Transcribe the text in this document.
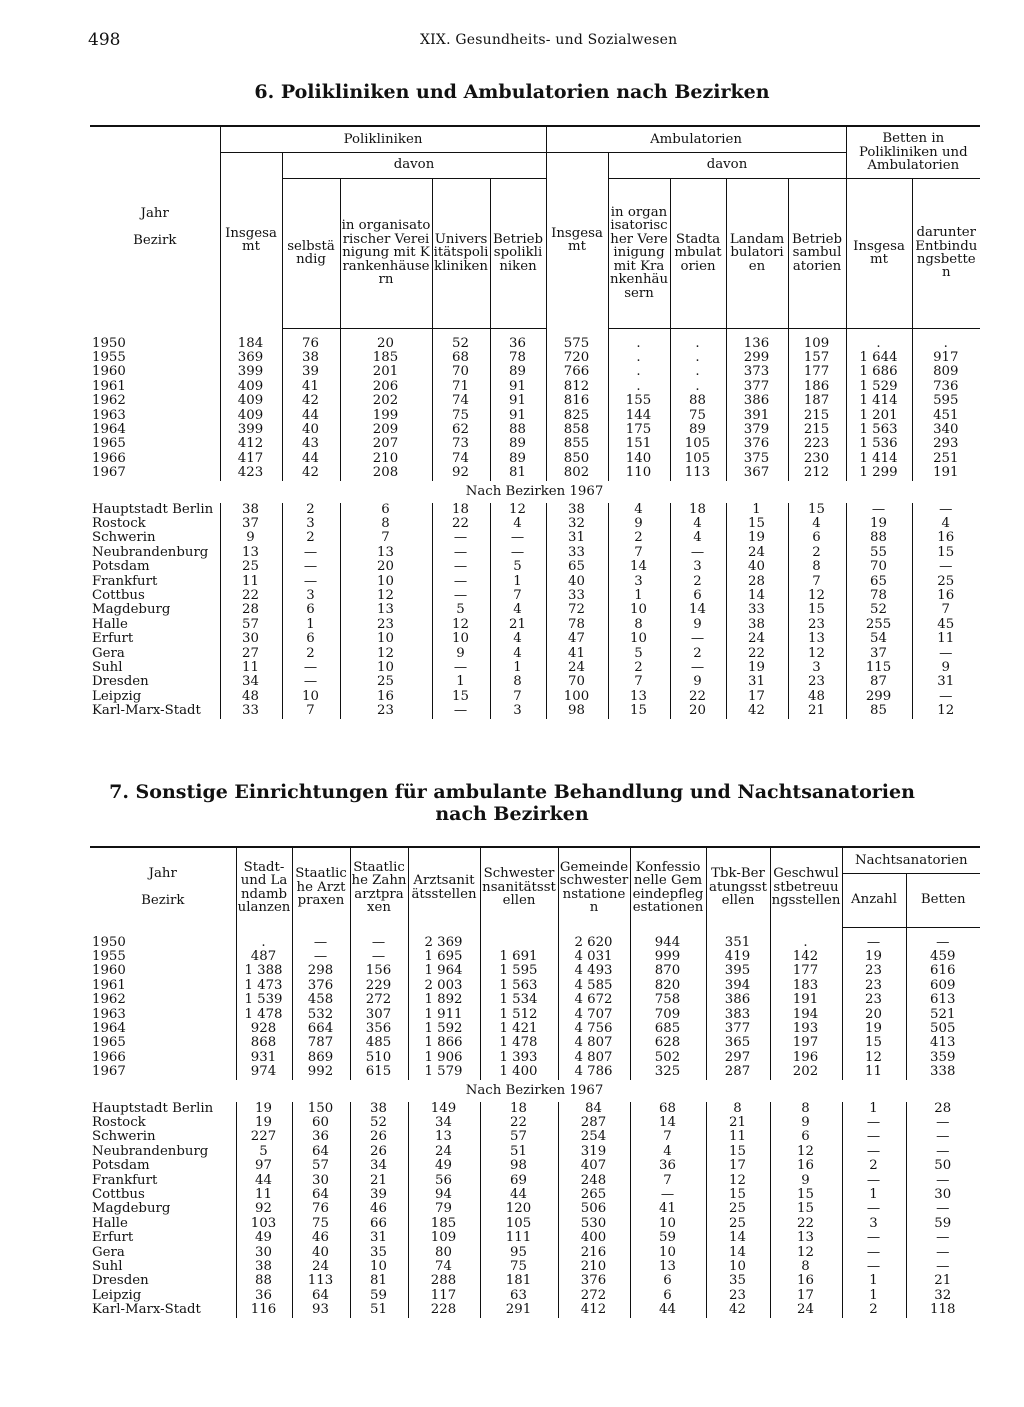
498	XIX. Gesundheits- und Sozialwesen
6. Polikliniken und Ambulatorien nach Bezirken
Jahr

Bezirk	Polikliniken					Ambulatorien					Betten in Polikliniken und Ambulatorien	
	Insgesamt	davon				Insgesamt	davon					
		selbständig	in organisatorischer Vereinigung mit Krankenhäusern	Universitätspolikliniken	Betriebspolikliniken		in organisatorischer Vereinigung mit Krankenhäusern	Stadtambulatorien	Landambulatorien	Betriebsambulatorien	Insgesamt	darunter Entbindungsbetten

1950	184	76	20	52	36	575	.	.	136	109	.	.
1955	369	38	185	68	78	720	.	.	299	157	1 644	917
1960	399	39	201	70	89	766	.	.	373	177	1 686	809
1961	409	41	206	71	91	812	.	.	377	186	1 529	736
1962	409	42	202	74	91	816	155	88	386	187	1 414	595
1963	409	44	199	75	91	825	144	75	391	215	1 201	451
1964	399	40	209	62	88	858	175	89	379	215	1 563	340
1965	412	43	207	73	89	855	151	105	376	223	1 536	293
1966	417	44	210	74	89	850	140	105	375	230	1 414	251
1967	423	42	208	92	81	802	110	113	367	212	1 299	191
Nach Bezirken 1967												
Hauptstadt Berlin	38	2	6	18	12	38	4	18	1	15	—	—
Rostock	37	3	8	22	4	32	9	4	15	4	19	4
Schwerin	9	2	7	—	—	31	2	4	19	6	88	16
Neubrandenburg	13	—	13	—	—	33	7	—	24	2	55	15
Potsdam	25	—	20	—	5	65	14	3	40	8	70	—
Frankfurt	11	—	10	—	1	40	3	2	28	7	65	25
Cottbus	22	3	12	—	7	33	1	6	14	12	78	16
Magdeburg	28	6	13	5	4	72	10	14	33	15	52	7
Halle	57	1	23	12	21	78	8	9	38	23	255	45
Erfurt	30	6	10	10	4	47	10	—	24	13	54	11
Gera	27	2	12	9	4	41	5	2	22	12	37	—
Suhl	11	—	10	—	1	24	2	—	19	3	115	9
Dresden	34	—	25	1	8	70	7	9	31	23	87	31
Leipzig	48	10	16	15	7	100	13	22	17	48	299	—
Karl-Marx-Stadt	33	7	23	—	3	98	15	20	42	21	85	12
7. Sonstige Einrichtungen für ambulante Behandlung und Nachtsanatorien
nach Bezirken
Jahr

Bezirk	Stadt- und Landambulanzen	Staatliche Arztpraxen	Staatliche Zahnarztpraxen	Arztsanitätsstellen	Schwesternsanitätsstellen	Gemeindeschwesternstationen	Konfessionelle Gemeindepflegestationen	Tbk-Beratungsstellen	Geschwulstbetreuungsstellen	Nachtsanatorien	
										Anzahl	Betten

1950	.	—	—	2 369		2 620	944	351	.	—	—
1955	487	—	—	1 695	1 691	4 031	999	419	142	19	459
1960	1 388	298	156	1 964	1 595	4 493	870	395	177	23	616
1961	1 473	376	229	2 003	1 563	4 585	820	394	183	23	609
1962	1 539	458	272	1 892	1 534	4 672	758	386	191	23	613
1963	1 478	532	307	1 911	1 512	4 707	709	383	194	20	521
1964	928	664	356	1 592	1 421	4 756	685	377	193	19	505
1965	868	787	485	1 866	1 478	4 807	628	365	197	15	413
1966	931	869	510	1 906	1 393	4 807	502	297	196	12	359
1967	974	992	615	1 579	1 400	4 786	325	287	202	11	338
Nach Bezirken 1967											
Hauptstadt Berlin	19	150	38	149	18	84	68	8	8	1	28
Rostock	19	60	52	34	22	287	14	21	9	—	—
Schwerin	227	36	26	13	57	254	7	11	6	—	—
Neubrandenburg	5	64	26	24	51	319	4	15	12	—	—
Potsdam	97	57	34	49	98	407	36	17	16	2	50
Frankfurt	44	30	21	56	69	248	7	12	9	—	—
Cottbus	11	64	39	94	44	265	—	15	15	1	30
Magdeburg	92	76	46	79	120	506	41	25	15	—	—
Halle	103	75	66	185	105	530	10	25	22	3	59
Erfurt	49	46	31	109	111	400	59	14	13	—	—
Gera	30	40	35	80	95	216	10	14	12	—	—
Suhl	38	24	10	74	75	210	13	10	8	—	—
Dresden	88	113	81	288	181	376	6	35	16	1	21
Leipzig	36	64	59	117	63	272	6	23	17	1	32
Karl-Marx-Stadt	116	93	51	228	291	412	44	42	24	2	118
